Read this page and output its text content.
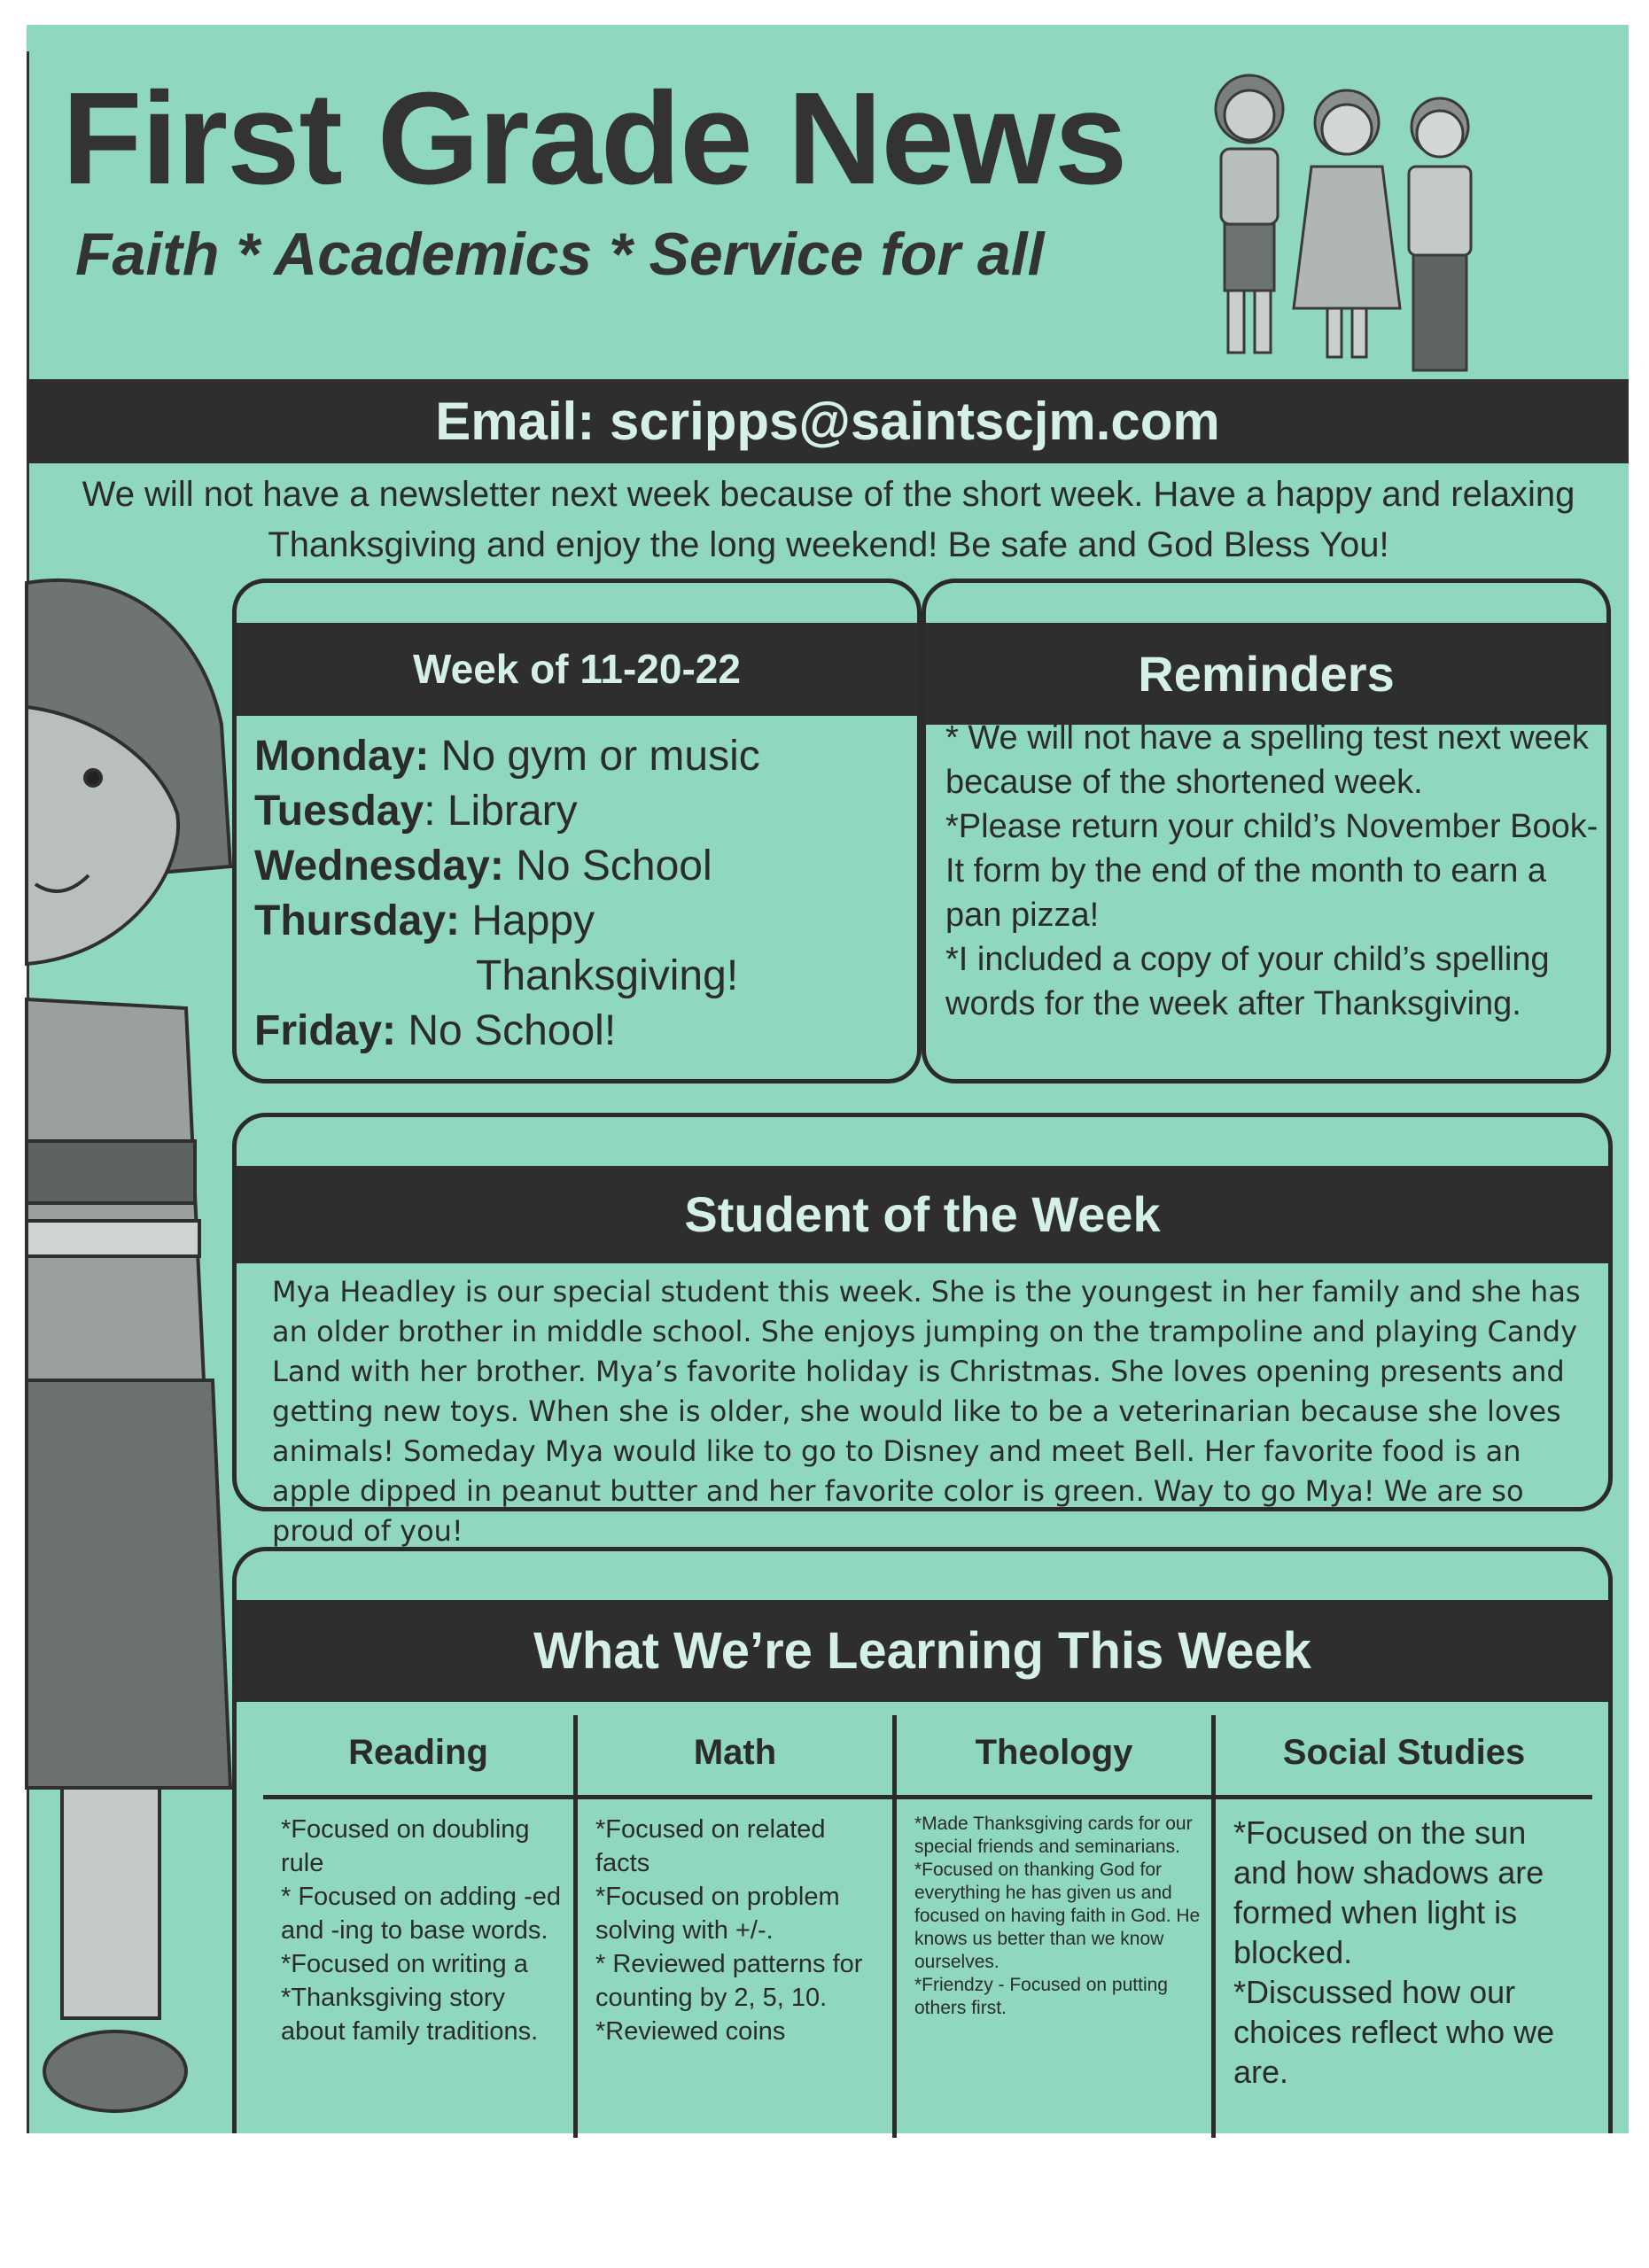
First Grade News

Faith * Academics * Service for all

Email: scripps@saintscjm.com
We will not have a newsletter next week because of the short week. Have a happy and relaxing Thanksgiving and enjoy the long weekend! Be safe and God Bless You!
Week of 11-20-22
Monday: No gym or music
Tuesday: Library
Wednesday: No School
Thursday: Happy
Thanksgiving!
Friday: No School!
Reminders
* We will not have a spelling test next week because of the shortened week.
*Please return your child’s November Book-It form by the end of the month to earn a pan pizza!
*I included a copy of your child’s spelling words for the week after Thanksgiving.
Student of the Week
Mya Headley is our special student this week. She is the youngest in her family and she has an older brother in middle school. She enjoys jumping on the trampoline and playing Candy Land with her brother. Mya’s favorite holiday is Christmas. She loves opening presents and getting new toys. When she is older, she would like to be a veterinarian because she loves animals! Someday Mya would like to go to Disney and meet Bell. Her favorite food is an apple dipped in peanut butter and her favorite color is green. Way to go Mya! We are so proud of you!
What We’re Learning This Week
Reading
*Focused on doubling rule
* Focused on adding -ed and -ing to base words.
*Focused on writing a *Thanksgiving story about family traditions.
Math
*Focused on related facts
*Focused on problem solving with +/-.
* Reviewed patterns for counting by 2, 5, 10.
*Reviewed coins
Theology
*Made Thanksgiving cards for our special friends and seminarians.
*Focused on thanking God for everything he has given us and focused on having faith in God. He knows us better than we know ourselves.
*Friendzy - Focused on putting others first.
Social Studies
*Focused on the sun and how shadows are formed when light is blocked.
*Discussed how our choices reflect who we are.
